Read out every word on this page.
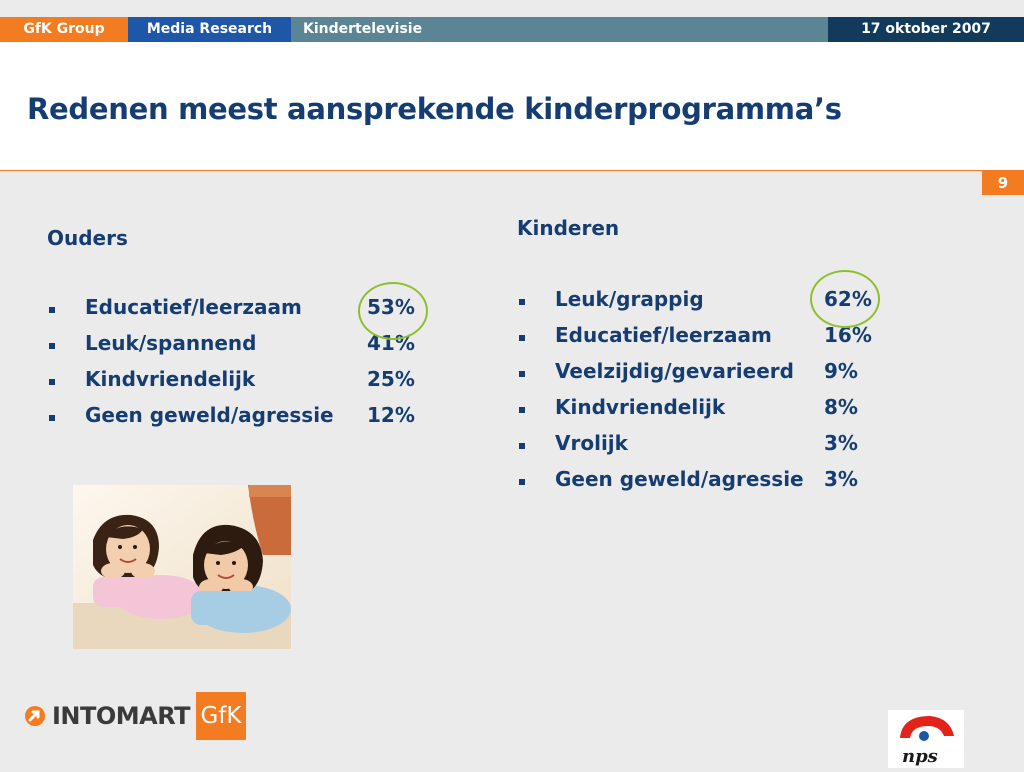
GfK Group	Media Research	Kindertelevisie	17 oktober 2007
Redenen meest aansprekende kinderprogramma’s
9
Ouders
Educatief/leerzaam	53%
Leuk/spannend	41%
Kindvriendelijk	25%
Geen geweld/agressie 12%
Kinderen
Leuk/grappig	62%
Educatief/leerzaam	16%
Veelzijdig/gevarieerd 9%
Kindvriendelijk	8%
Vrolijk	3%
Geen geweld/agressie 3%
INTOMART GfK
nps
